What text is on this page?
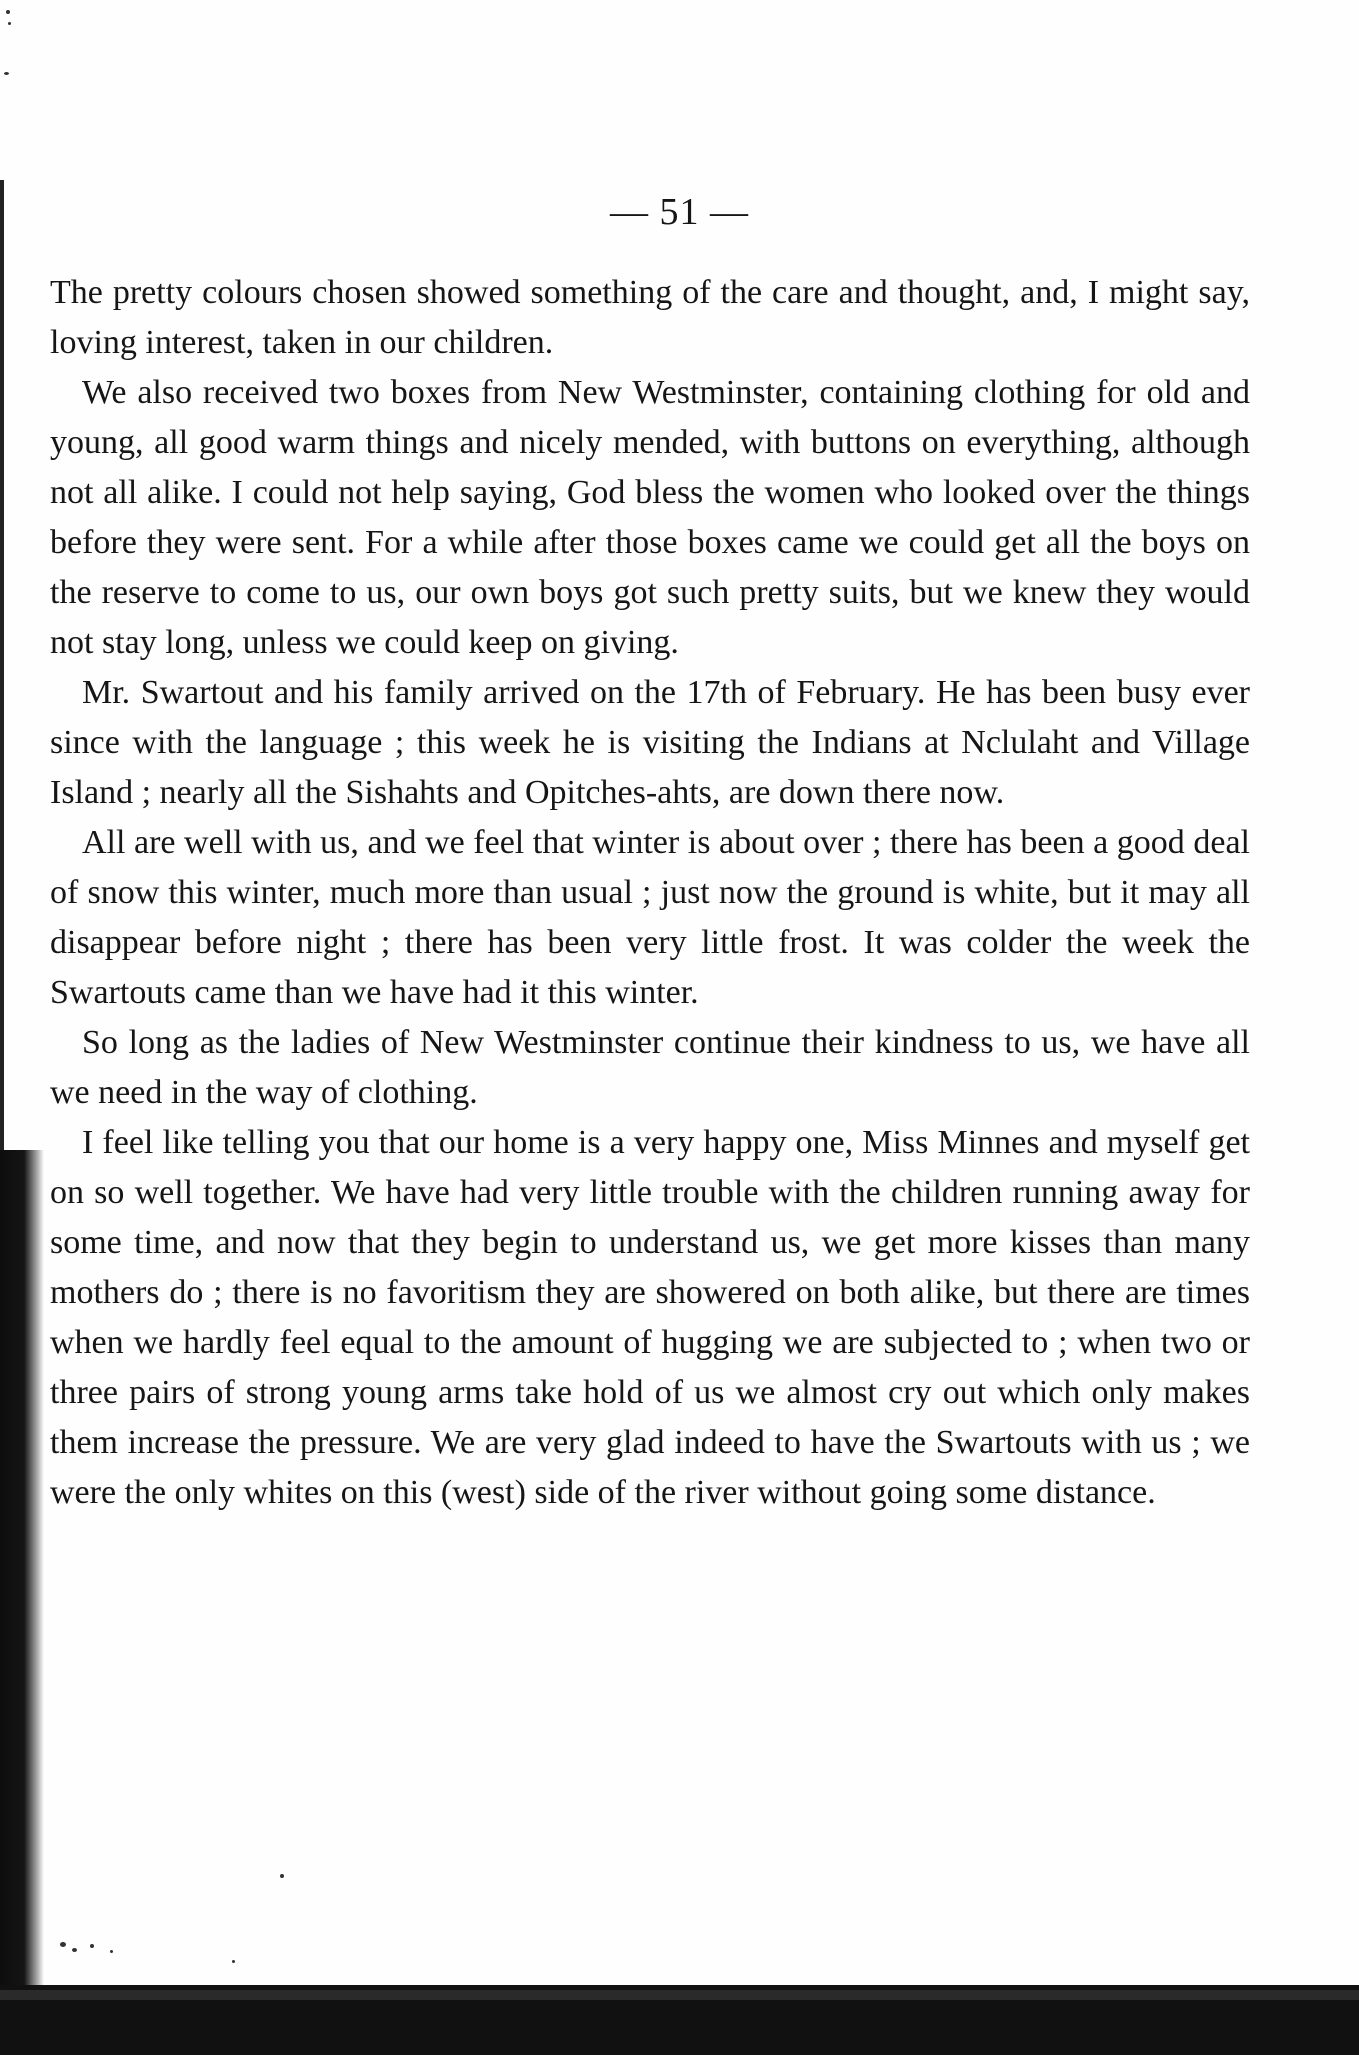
— 51 —

The pretty colours chosen showed something of the care and thought, and, I might say, loving interest, taken in our children.

We also received two boxes from New Westminster, containing clothing for old and young, all good warm things and nicely mended, with buttons on everything, although not all alike. I could not help saying, God bless the women who looked over the things before they were sent. For a while after those boxes came we could get all the boys on the reserve to come to us, our own boys got such pretty suits, but we knew they would not stay long, unless we could keep on giving.

Mr. Swartout and his family arrived on the 17th of February. He has been busy ever since with the language ; this week he is visiting the Indians at Nclulaht and Village Island ; nearly all the Sishahts and Opitches-ahts, are down there now.

All are well with us, and we feel that winter is about over ; there has been a good deal of snow this winter, much more than usual ; just now the ground is white, but it may all disappear before night ; there has been very little frost. It was colder the week the Swartouts came than we have had it this winter.

So long as the ladies of New Westminster continue their kindness to us, we have all we need in the way of clothing.

I feel like telling you that our home is a very happy one, Miss Minnes and myself get on so well together. We have had very little trouble with the children running away for some time, and now that they begin to understand us, we get more kisses than many mothers do ; there is no favoritism they are showered on both alike, but there are times when we hardly feel equal to the amount of hugging we are subjected to ; when two or three pairs of strong young arms take hold of us we almost cry out which only makes them increase the pressure. We are very glad indeed to have the Swartouts with us ; we were the only whites on this (west) side of the river without going some distance.
